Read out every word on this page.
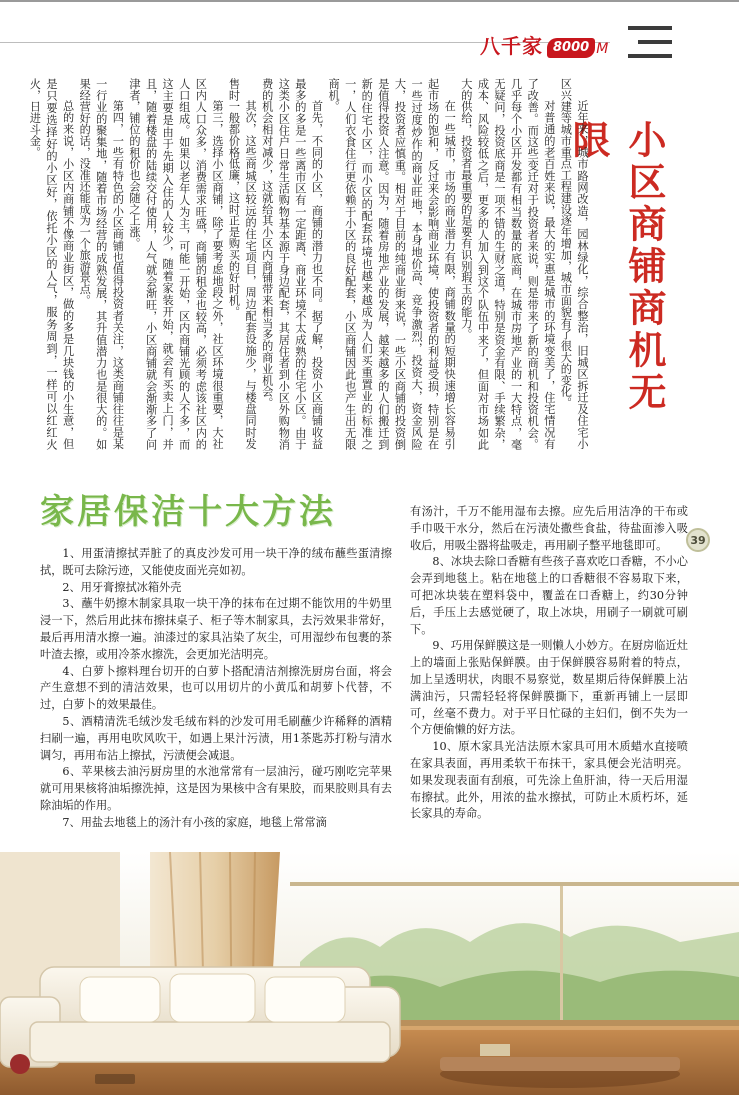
八千家 8000 M
小区商铺商机无限

近年来，城市路网改造，园林绿化，综合整治，旧城区拆迁及住宅小区兴建等城市重点工程建设逐年增加，城市面貌有了很大的变化。

对普通的老百姓来说，最大的实惠是城市的环境变美了，住宅情况有了改善。而这些变迁对于投资者来说，则是带来了新的商机和投资机会。几乎每个小区开发都有相当数量的底商，在城市房地产业的一大特点，毫无疑问，投资底商是一项不错的生财之道，特别是资金有限、手续繁杂，成本、风险较低之后，更多的人加入到这个队伍中来了，但面对市场如此大的供给，投资者最重要的是要有识别瑕玉的能力。

在一些城市，市场的商业潜力有限，商铺数量的短期快速增长容易引起市场的饱和，反过来会影响商业环境，使投资者的利益受损，特别是在一些过度炒作的商业旺地，本身地价高、竞争激烈，投资大，资金风险大，投资者应慎重。相对于目前的纯商业街来说，一些小区商铺的投资倒是值得投资人注意。因为，随着房地产业的发展，越来越多的人们搬迁到新的住宅小区，而小区的配套环境也越来越成为人们买重置业的标准之一，人们衣食住行更依赖于小区的良好配套，小区商铺因此也产生出无限商机。

首先，不同的小区，商铺的潜力也不同。据了解，投资小区商铺收益最多的多是一些离市区有一定距离、商业环境不太成熟的住宅小区。由于这类小区住户日常生活购物基本源于身边配套，其居住者到小区外购物消费的机会相对减少，这就给其小区内商铺带来相当多的商业机会。

其次，这些商城区较远的住宅项目，周边配套设施少，与楼盘同时发售时一般都价格低廉，这时正是购买的好时机。

第三，选择小区商铺，除了要考虑地段之外，社区环境很重要，大社区内人口众多，消费需求旺盛，商铺的租金也较高，必须考虑该社区内的人口组成。如果以老年人为主，可能一开始，区内商铺光顾的人不多，而这主要是由于先期入住的人较少，随着家装开始，就会有买卖上门，并且，随着楼盘的陆续交付使用，人气就会渐旺，小区商铺就会渐渐多了问津者，铺位的租价也会随之上涨。

第四，一些有特色的小区商铺也值得投资者关注，这类商铺往往是某一行业的聚集地，随着市场经营的成熟发展，其升值潜力也是很大的。如果经营好的话，没准还能成为一个旅游景点。

总的来说，小区内商铺不像商业街区，做的多是几块钱的小生意，但是只要选择好的小区好，依托小区的人气，服务周到，一样可以红红火火，日进斗金。

家居保洁十大方法

1、用蛋清擦拭弄脏了的真皮沙发可用一块干净的绒布蘸些蛋清擦拭，既可去除污迹，又能使皮面光亮如初。

2、用牙膏擦拭冰箱外壳

3、蘸牛奶擦木制家具取一块干净的抹布在过期不能饮用的牛奶里浸一下，然后用此抹布擦抹桌子、柜子等木制家具，去污效果非常好，最后再用清水擦一遍。油漆过的家具沾染了灰尘，可用湿纱布包裹的茶叶渣去擦，或用冷茶水擦洗，会更加光洁明亮。

4、白萝卜擦料理台切开的白萝卜搭配清洁剂擦洗厨房台面，将会产生意想不到的清洁效果，也可以用切片的小黄瓜和胡萝卜代替，不过，白萝卜的效果最佳。

5、酒精清洗毛绒沙发毛绒布料的沙发可用毛刷蘸少许稀释的酒精扫刷一遍，再用电吹风吹干，如遇上果汁污渍，用1茶匙苏打粉与清水调匀，再用布沾上擦拭，污渍便会减退。

6、苹果核去油污厨房里的水池常常有一层油污，碰巧刚吃完苹果就可用果核将油垢擦洗掉，这是因为果核中含有果胶，而果胶则具有去除油垢的作用。

7、用盐去地毯上的汤汁有小孩的家庭，地毯上常常滴

有汤汁，千万不能用湿布去擦。应先后用洁净的干布或手巾吸干水分，然后在污渍处撒些食盐，待盐面渗入吸收后，用吸尘器将盐吸走，再用刷子整平地毯即可。

8、冰块去除口香糖有些孩子喜欢吃口香糖，不小心会弄到地毯上。粘在地毯上的口香糖很不容易取下来，可把冰块装在塑料袋中，覆盖在口香糖上，约30分钟后，手压上去感觉硬了，取上冰块，用刷子一刷就可刷下。

9、巧用保鲜膜这是一则懒人小妙方。在厨房临近灶上的墙面上张贴保鲜膜。由于保鲜膜容易附着的特点，加上呈透明状，肉眼不易察觉，数星期后待保鲜膜上沾满油污，只需轻轻将保鲜膜撕下，重新再铺上一层即可，丝毫不费力。对于平日忙碌的主妇们，倒不失为一个方便偷懒的好方法。

10、原木家具光洁法原木家具可用木质蜡水直接喷在家具表面，再用柔软干布抹干，家具便会光洁明亮。如果发现表面有刮痕，可先涂上鱼肝油，待一天后用湿布擦拭。此外，用浓的盐水擦拭，可防止木质朽坏，延长家具的寿命。

39
